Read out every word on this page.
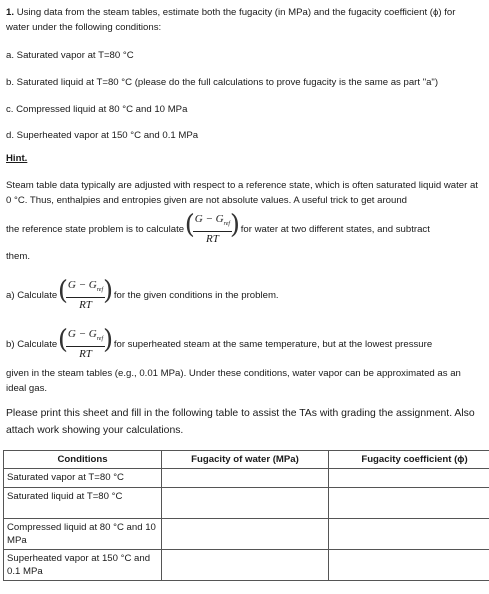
1. Using data from the steam tables, estimate both the fugacity (in MPa) and the fugacity coefficient (ϕ) for water under the following conditions:
a. Saturated vapor at T=80 °C
b. Saturated liquid at T=80 °C (please do the full calculations to prove fugacity is the same as part "a")
c. Compressed liquid at 80 °C and 10 MPa
d. Superheated vapor at 150 °C and 0.1 MPa
Hint.
Steam table data typically are adjusted with respect to a reference state, which is often saturated liquid water at 0 °C. Thus, enthalpies and entropies given are not absolute values. A useful trick to get around
the reference state problem is to calculate (
$\frac{G - G_{ref}}{RT}$
) for water at two different states, and subtract
them.
a) Calculate (
$\frac{G - G_{ref}}{RT}$
) for the given conditions in the problem.
b) Calculate (
$\frac{G - G_{ref}}{RT}$
) for superheated steam at the same temperature, but at the lowest pressure
given in the steam tables (e.g., 0.01 MPa). Under these conditions, water vapor can be approximated as an ideal gas.
Please print this sheet and fill in the following table to assist the TAs with grading the assignment. Also attach work showing your calculations.
Conditions	Fugacity of water (MPa)	Fugacity coefficient (ϕ)
Saturated vapor at T=80 °C		
Saturated liquid at T=80 °C		
Compressed liquid at 80 °C and 10 MPa		
Superheated vapor at 150 °C and 0.1 MPa		
